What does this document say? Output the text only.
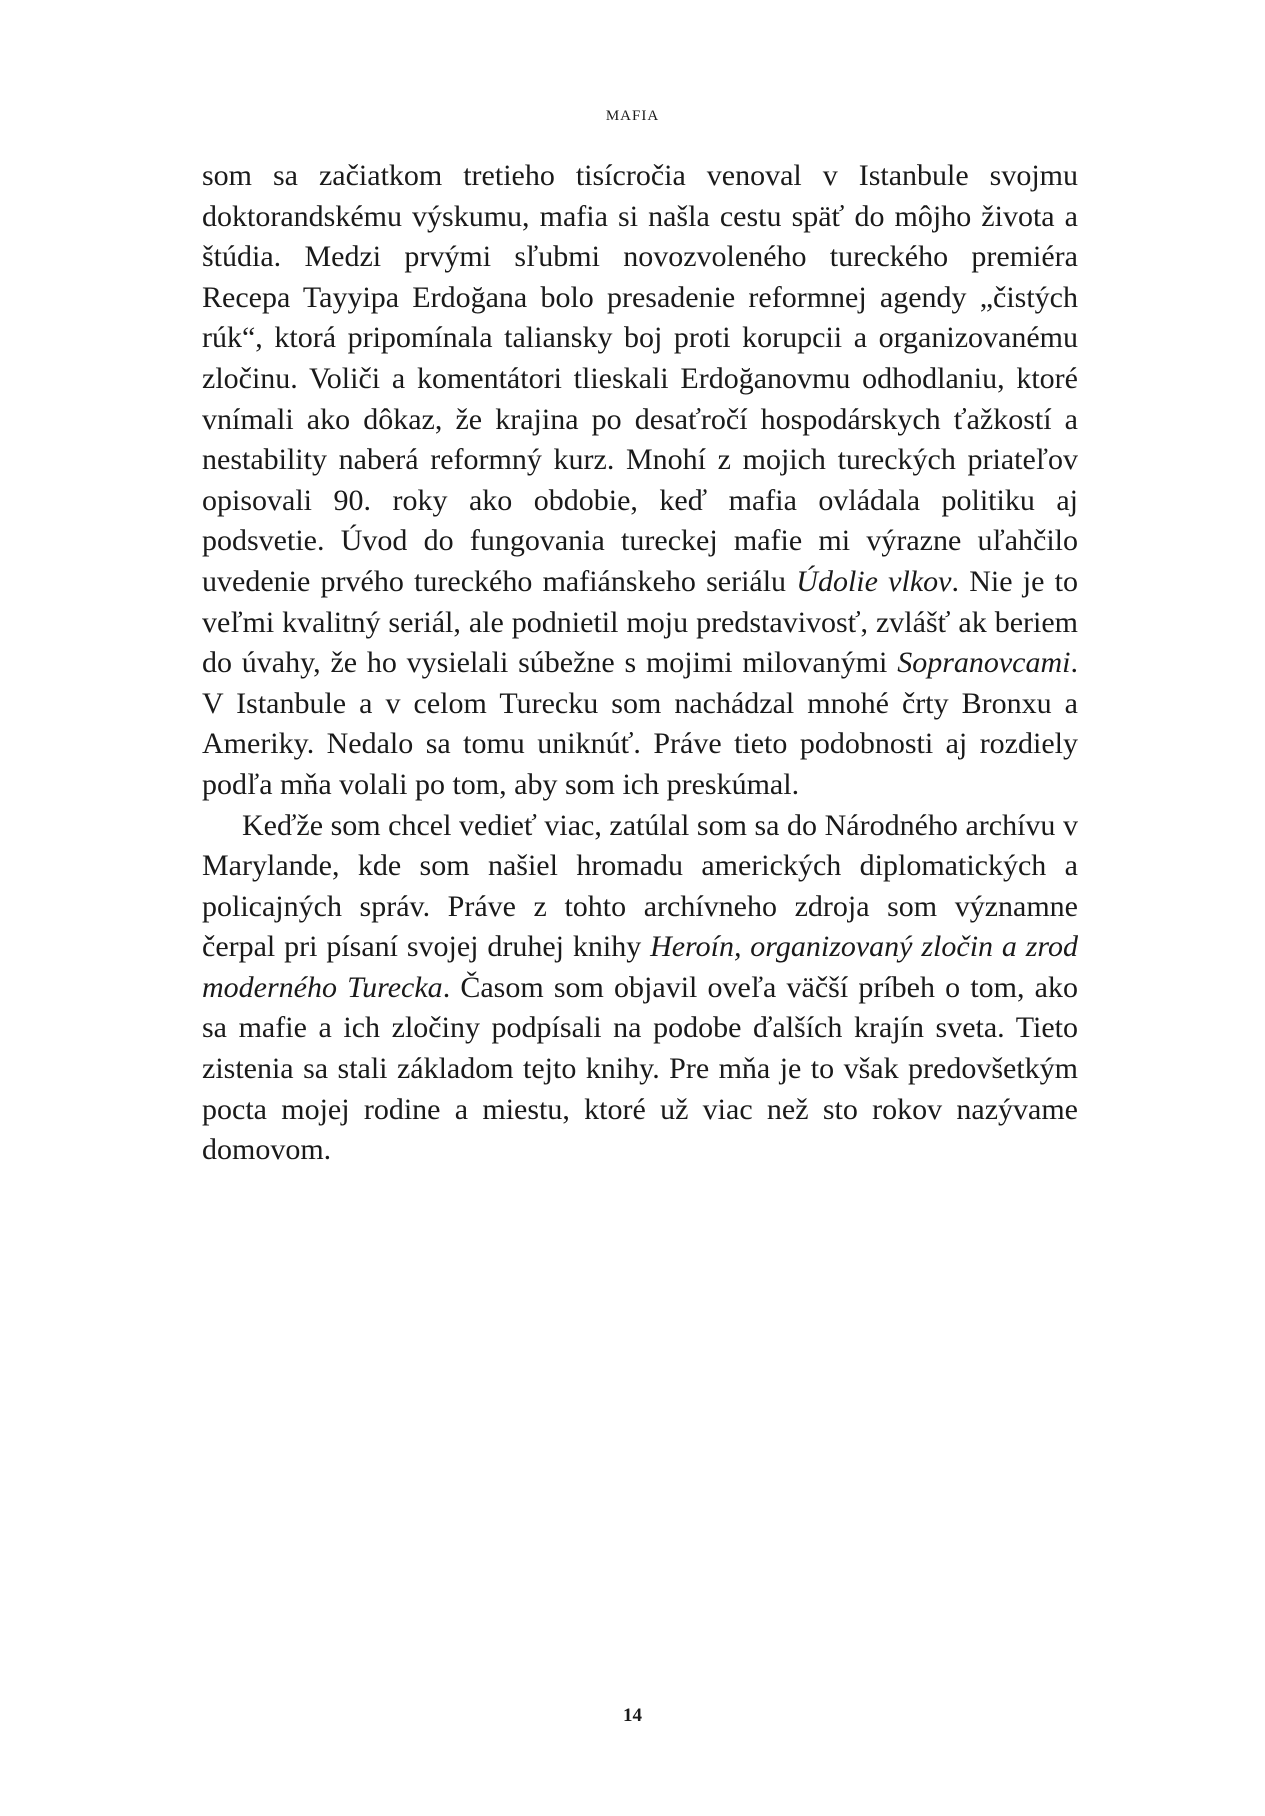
MAFIA

som sa začiatkom tretieho tisícročia venoval v Istanbule svojmu doktorandskému výskumu, mafia si našla cestu späť do môjho života a štúdia. Medzi prvými sľubmi novozvoleného tureckého premiéra Recepa Tayyipa Erdoğana bolo presadenie reformnej agendy „čistých rúk“, ktorá pripomínala taliansky boj proti korupcii a organizovanému zločinu. Voliči a komentátori tlieskali Erdoğanovmu odhodlaniu, ktoré vnímali ako dôkaz, že krajina po desaťročí hospodárskych ťažkostí a nestability naberá reformný kurz. Mnohí z mojich tureckých priateľov opisovali 90. roky ako obdobie, keď mafia ovládala politiku aj podsvetie. Úvod do fungovania tureckej mafie mi výrazne uľahčilo uvedenie prvého tureckého mafiánskeho seriálu Údolie vlkov. Nie je to veľmi kvalitný seriál, ale podnietil moju predstavivosť, zvlášť ak beriem do úvahy, že ho vysielali súbežne s mojimi milovanými Sopranovcami. V Istanbule a v celom Turecku som nachádzal mnohé črty Bronxu a Ameriky. Nedalo sa tomu uniknúť. Práve tieto podobnosti aj rozdiely podľa mňa volali po tom, aby som ich preskúmal.

Keďže som chcel vedieť viac, zatúlal som sa do Národného archívu v Marylande, kde som našiel hromadu amerických diplomatických a policajných správ. Práve z tohto archívneho zdroja som významne čerpal pri písaní svojej druhej knihy Heroín, organizovaný zločin a zrod moderného Turecka. Časom som objavil oveľa väčší príbeh o tom, ako sa mafie a ich zločiny podpísali na podobe ďalších krajín sveta. Tieto zistenia sa stali základom tejto knihy. Pre mňa je to však predovšetkým pocta mojej rodine a miestu, ktoré už viac než sto rokov nazývame domovom.

14
